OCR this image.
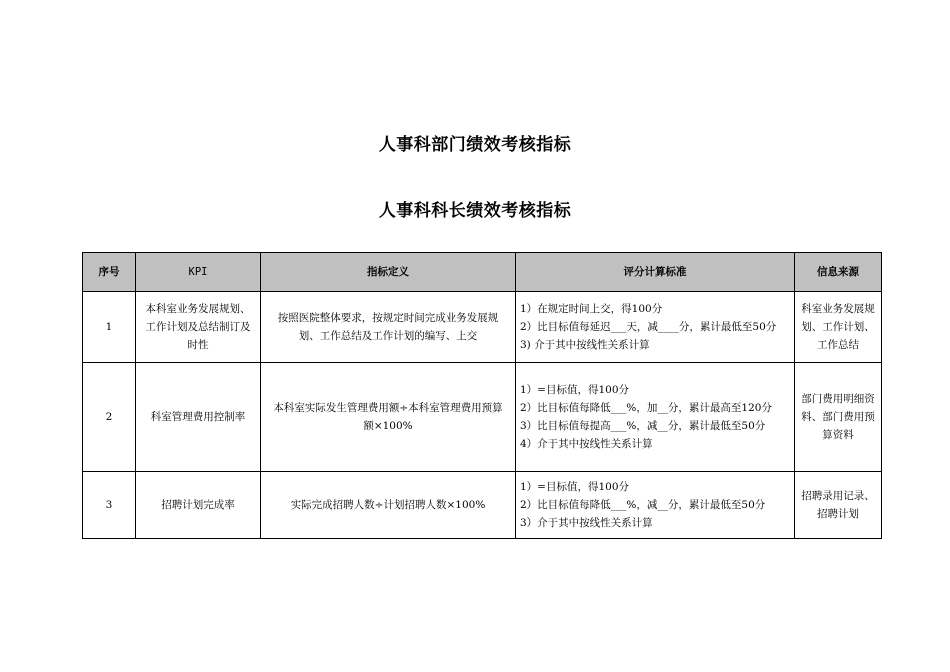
人事科部门绩效考核指标
人事科科长绩效考核指标
序号	KPI	指标定义	评分计算标准	信息来源
1	本科室业务发展规划、工作计划及总结制订及时性	按照医院整体要求，按规定时间完成业务发展规划、工作总结及工作计划的编写、上交	1）在规定时间上交，得100分
2）比目标值每延迟___天，减____分，累计最低至50分
3) 介于其中按线性关系计算	科室业务发展规划、工作计划、工作总结
2	科室管理费用控制率	本科室实际发生管理费用额÷本科室管理费用预算额×100%	1）=目标值，得100分
2）比目标值每降低___%，加__分，累计最高至120分
3）比目标值每提高___%，减__分，累计最低至50分
4）介于其中按线性关系计算	部门费用明细资料、部门费用预算资料
3	招聘计划完成率	实际完成招聘人数÷计划招聘人数×100%	1）=目标值，得100分
2）比目标值每降低___%，减__分，累计最低至50分
3）介于其中按线性关系计算	招聘录用记录、招聘计划
